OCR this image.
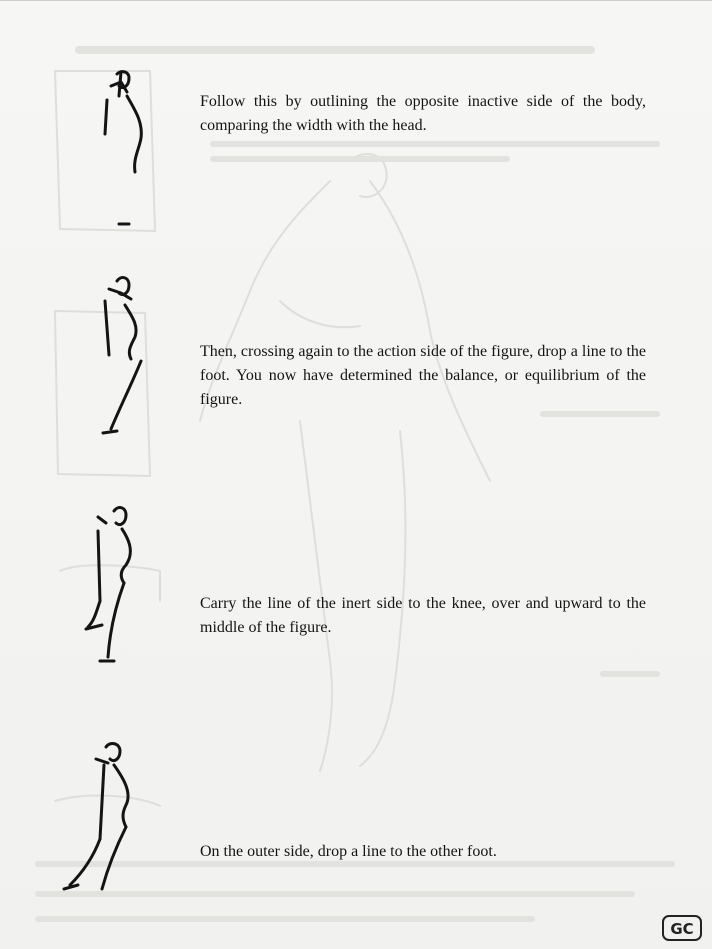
Follow this by outlining the opposite inactive side of the body, comparing the width with the head.

Then, crossing again to the action side of the figure, drop a line to the foot. You now have determined the balance, or equilibrium of the figure.

Carry the line of the inert side to the knee, over and upward to the middle of the figure.

On the outer side, drop a line to the other foot.

GC
